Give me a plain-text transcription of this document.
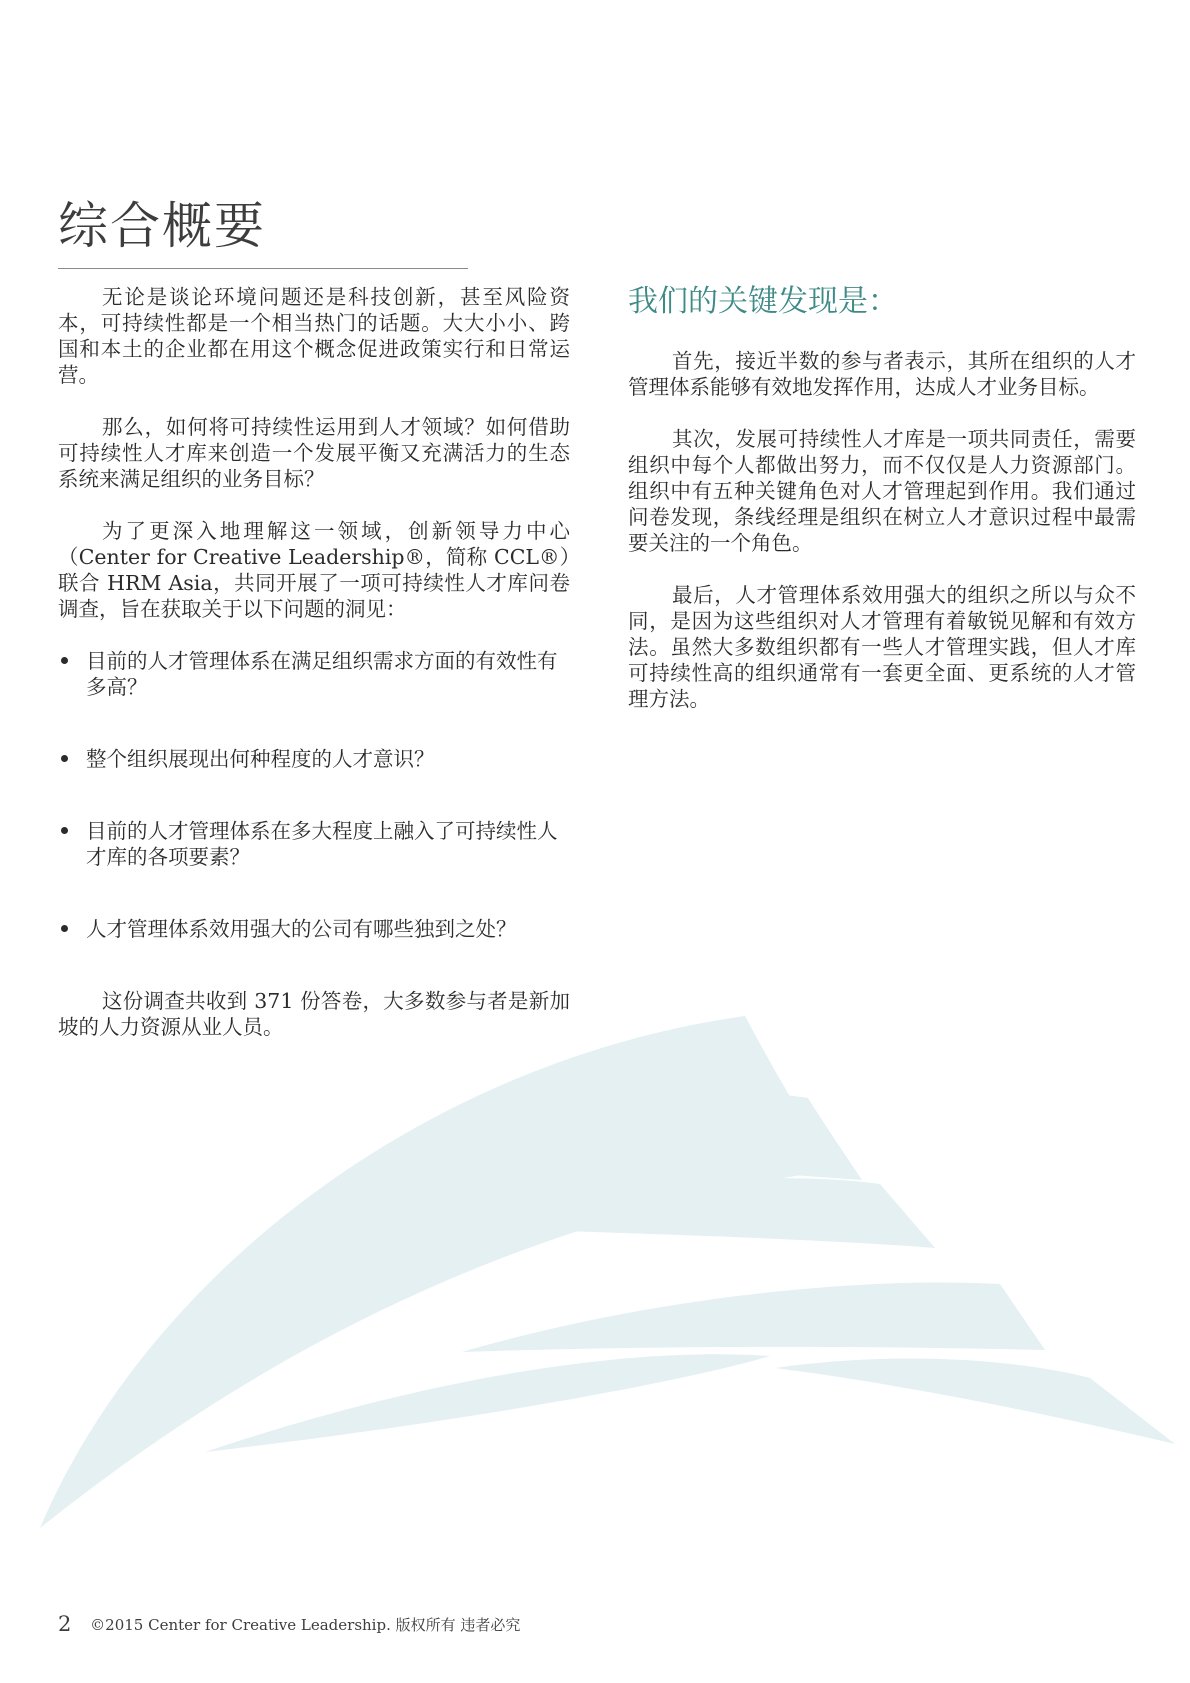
综合概要

无论是谈论环境问题还是科技创新，甚至风险资本，可持续性都是一个相当热门的话题。大大小小、跨国和本土的企业都在用这个概念促进政策实行和日常运营。

那么，如何将可持续性运用到人才领域？如何借助可持续性人才库来创造一个发展平衡又充满活力的生态系统来满足组织的业务目标？

为了更深入地理解这一领域，创新领导力中心（Center for Creative Leadership®，简称 CCL®）联合 HRM Asia，共同开展了一项可持续性人才库问卷调查，旨在获取关于以下问题的洞见：

目前的人才管理体系在满足组织需求方面的有效性有多高？
整个组织展现出何种程度的人才意识？
目前的人才管理体系在多大程度上融入了可持续性人才库的各项要素？
人才管理体系效用强大的公司有哪些独到之处？

这份调查共收到 371 份答卷，大多数参与者是新加坡的人力资源从业人员。

我们的关键发现是：

首先，接近半数的参与者表示，其所在组织的人才管理体系能够有效地发挥作用，达成人才业务目标。

其次，发展可持续性人才库是一项共同责任，需要组织中每个人都做出努力，而不仅仅是人力资源部门。组织中有五种关键角色对人才管理起到作用。我们通过问卷发现，条线经理是组织在树立人才意识过程中最需要关注的一个角色。

最后，人才管理体系效用强大的组织之所以与众不同，是因为这些组织对人才管理有着敏锐见解和有效方法。虽然大多数组织都有一些人才管理实践，但人才库可持续性高的组织通常有一套更全面、更系统的人才管理方法。

2 ©2015 Center for Creative Leadership. 版权所有 违者必究
